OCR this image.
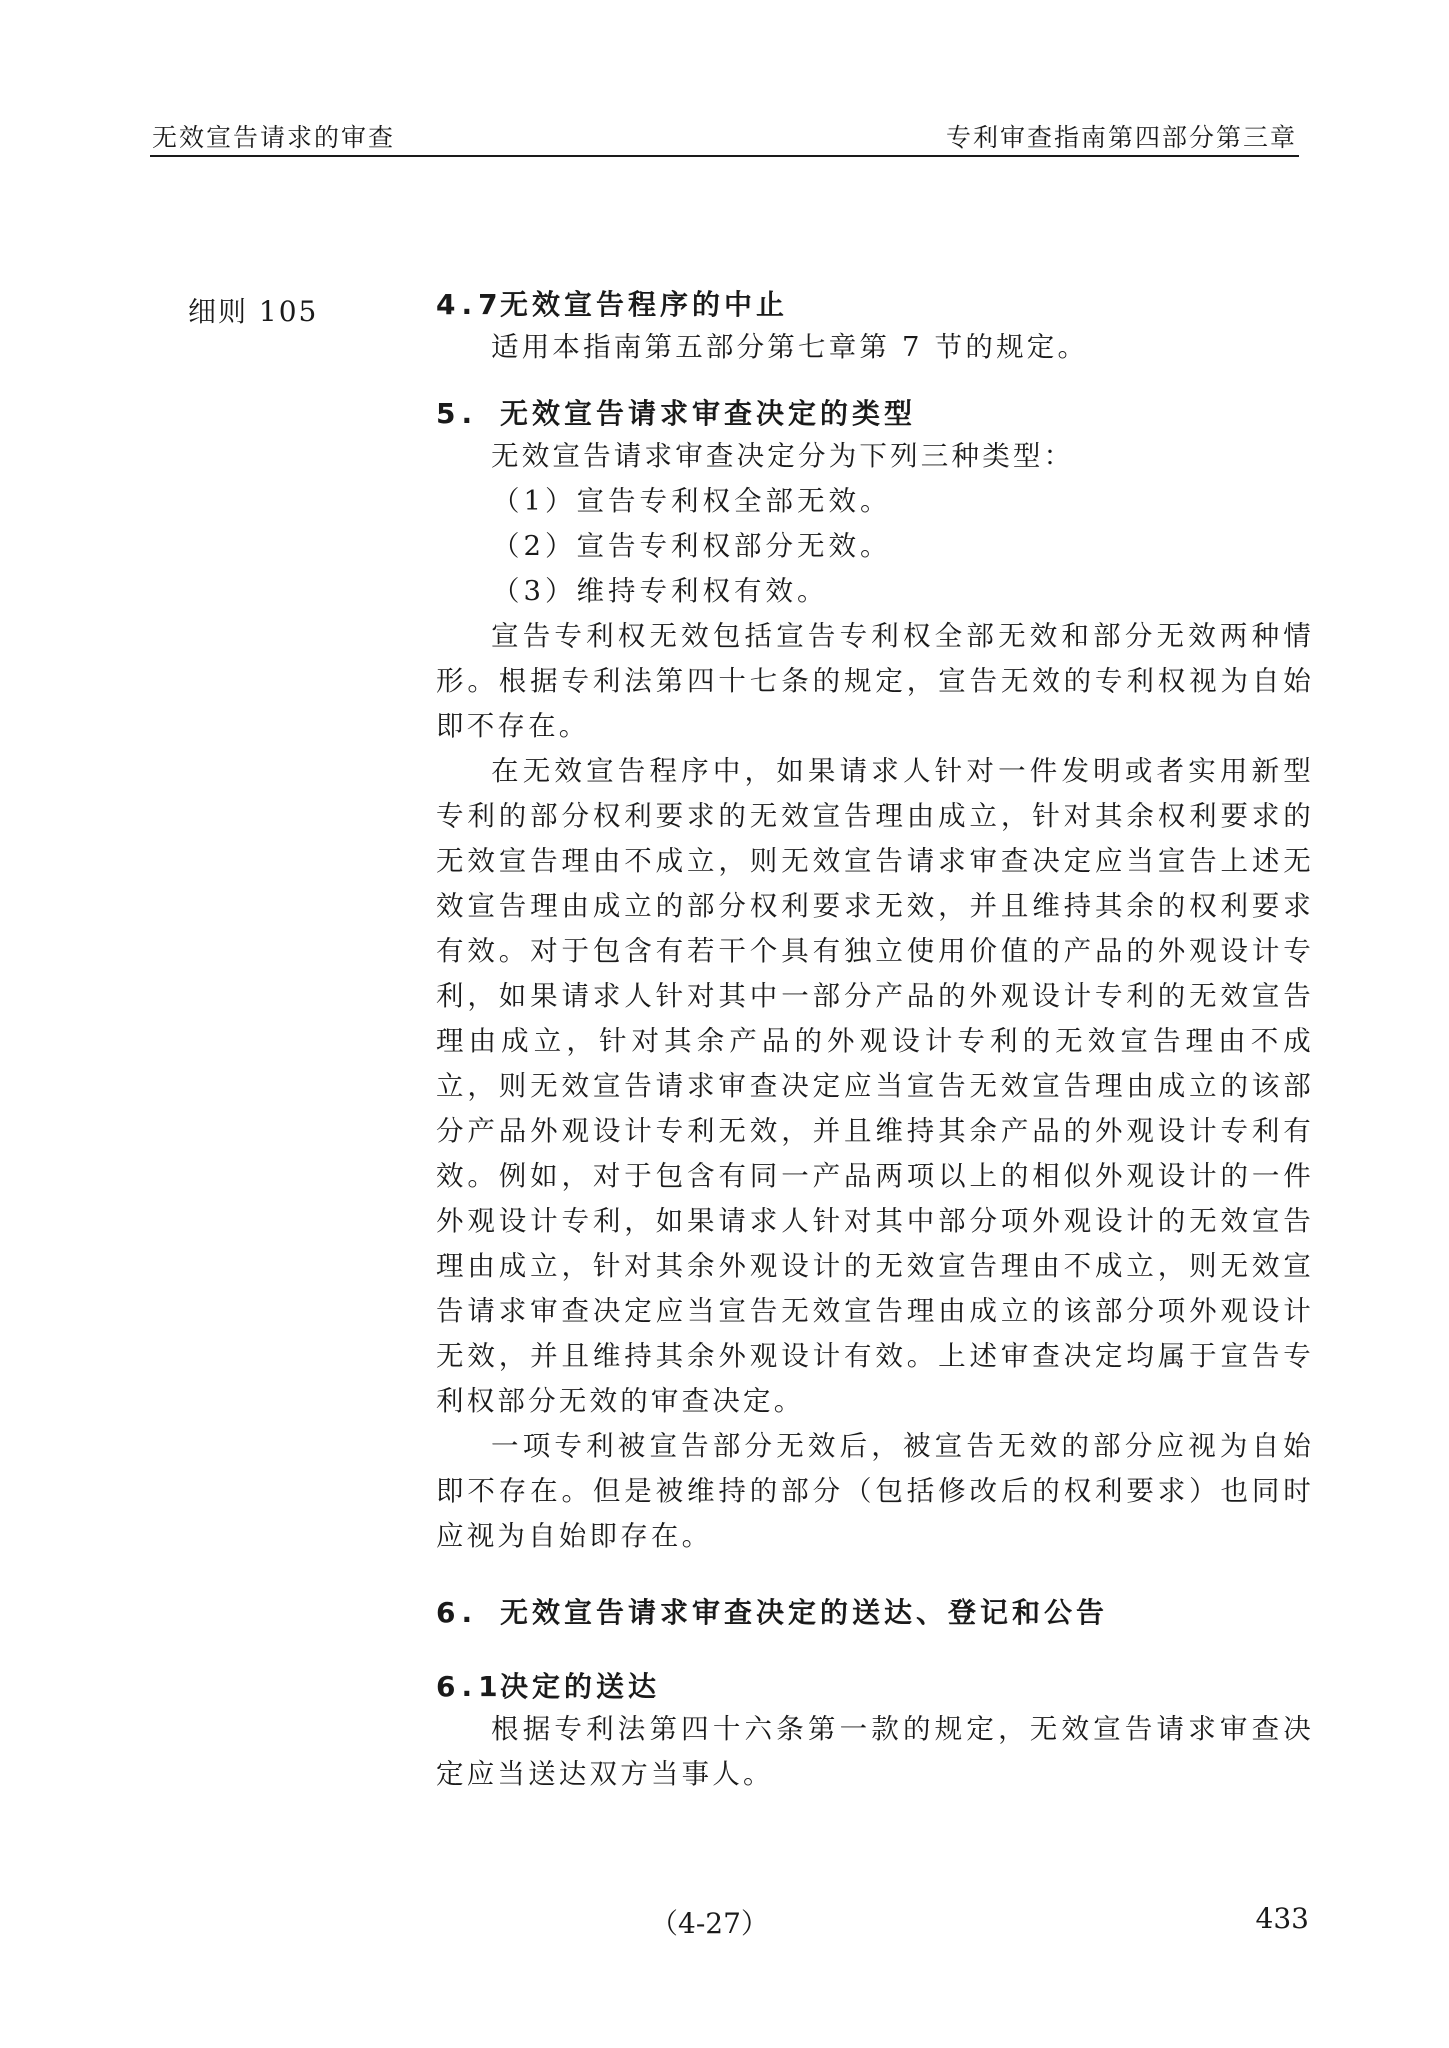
无效宣告请求的审查	专利审查指南第四部分第三章
细则 105	4.7无效宣告程序的中止

适用本指南第五部分第七章第 7 节的规定。

5. 无效宣告请求审查决定的类型

无效宣告请求审查决定分为下列三种类型：

（1）宣告专利权全部无效。

（2）宣告专利权部分无效。

（3）维持专利权有效。

宣告专利权无效包括宣告专利权全部无效和部分无效两种情形。根据专利法第四十七条的规定，宣告无效的专利权视为自始即不存在。

在无效宣告程序中，如果请求人针对一件发明或者实用新型专利的部分权利要求的无效宣告理由成立，针对其余权利要求的无效宣告理由不成立，则无效宣告请求审查决定应当宣告上述无效宣告理由成立的部分权利要求无效，并且维持其余的权利要求有效。对于包含有若干个具有独立使用价值的产品的外观设计专利，如果请求人针对其中一部分产品的外观设计专利的无效宣告理由成立，针对其余产品的外观设计专利的无效宣告理由不成立，则无效宣告请求审查决定应当宣告无效宣告理由成立的该部分产品外观设计专利无效，并且维持其余产品的外观设计专利有效。例如，对于包含有同一产品两项以上的相似外观设计的一件外观设计专利，如果请求人针对其中部分项外观设计的无效宣告理由成立，针对其余外观设计的无效宣告理由不成立，则无效宣告请求审查决定应当宣告无效宣告理由成立的该部分项外观设计无效，并且维持其余外观设计有效。上述审查决定均属于宣告专利权部分无效的审查决定。

一项专利被宣告部分无效后，被宣告无效的部分应视为自始即不存在。但是被维持的部分（包括修改后的权利要求）也同时应视为自始即存在。

6. 无效宣告请求审查决定的送达、登记和公告
6.1决定的送达

根据专利法第四十六条第一款的规定，无效宣告请求审查决定应当送达双方当事人。

（4-27）	433
